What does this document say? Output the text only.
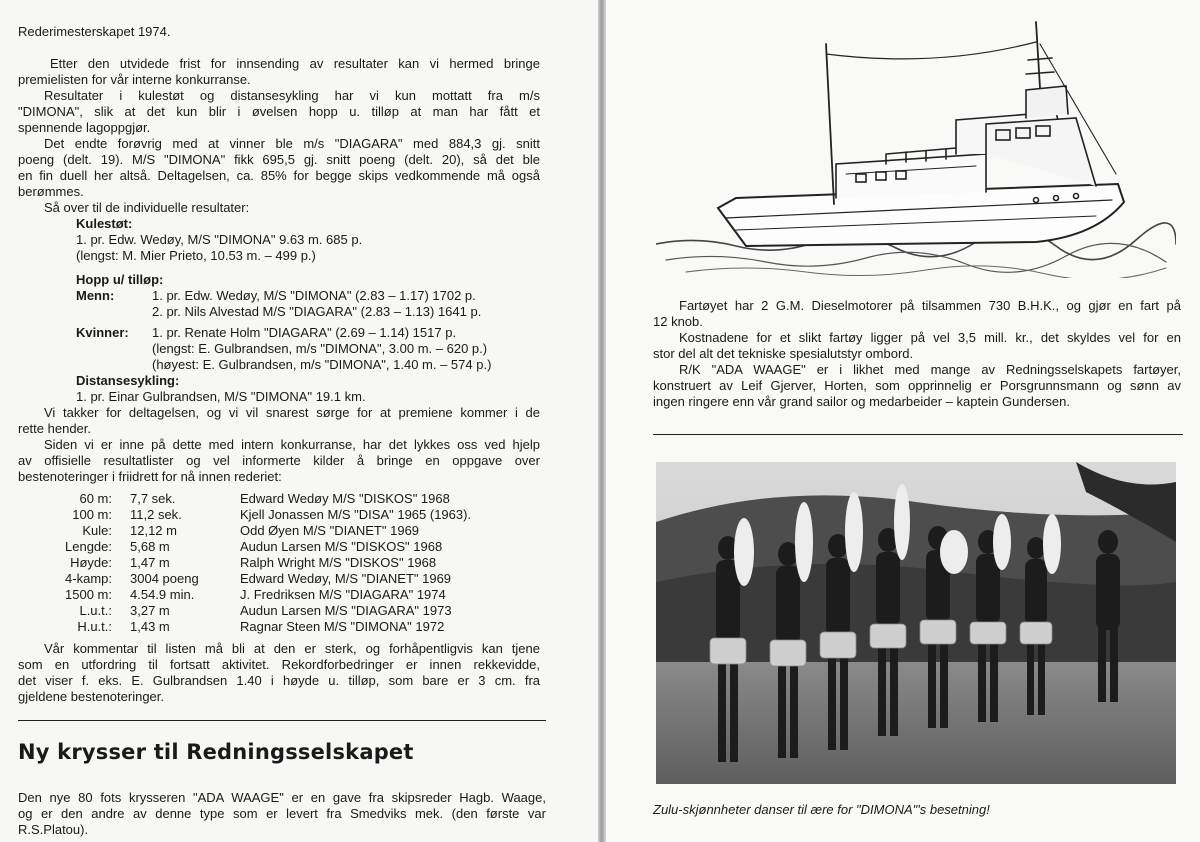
Rederimesterskapet 1974.
Etter den utvidede frist for innsending av resultater kan vi hermed bringe
premielisten for vår interne konkurranse.
Resultater i kulestøt og distansesykling har vi kun mottatt fra m/s
"DIMONA", slik at det kun blir i øvelsen hopp u. tilløp at man har fått et
spennende lagoppgjør.
Det endte forøvrig med at vinner ble m/s "DIAGARA" med 884,3 gj. snitt
poeng (delt. 19). M/S "DIMONA" fikk 695,5 gj. snitt poeng (delt. 20), så det ble
en fin duell her altså. Deltagelsen, ca. 85% for begge skips vedkommende må også
berømmes.
Så over til de individuelle resultater:
Kulestøt:
1. pr. Edw. Wedøy, M/S "DIMONA" 9.63 m. 685 p.
(lengst: M. Mier Prieto, 10.53 m. – 499 p.)
Hopp u/ tilløp:
Menn:	1. pr. Edw. Wedøy, M/S "DIMONA" (2.83 – 1.17) 1702 p.
2. pr. Nils Alvestad M/S "DIAGARA" (2.83 – 1.13) 1641 p.
Kvinner:	1. pr. Renate Holm "DIAGARA" (2.69 – 1.14) 1517 p.
(lengst: E. Gulbrandsen, m/s "DIMONA", 3.00 m. – 620 p.)
(høyest: E. Gulbrandsen, m/s "DIMONA", 1.40 m. – 574 p.)
Distansesykling:
1. pr. Einar Gulbrandsen, M/S "DIMONA" 19.1 km.
Vi takker for deltagelsen, og vi vil snarest sørge for at premiene kommer i de
rette hender.
Siden vi er inne på dette med intern konkurranse, har det lykkes oss ved hjelp
av offisielle resultatlister og vel informerte kilder å bringe en oppgave over
bestenoteringer i friidrett for nå innen rederiet:
60 m:	7,7 sek.	Edward Wedøy M/S "DISKOS" 1968
100 m:	11,2 sek.	Kjell Jonassen M/S "DISA" 1965 (1963).
Kule:	12,12 m	Odd Øyen M/S "DIANET" 1969
Lengde:	5,68 m	Audun Larsen M/S "DISKOS" 1968
Høyde:	1,47 m	Ralph Wright M/S "DISKOS" 1968
4-kamp:	3004 poeng	Edward Wedøy, M/S "DIANET" 1969
1500 m:	4.54.9 min.	J. Fredriksen M/S "DIAGARA" 1974
L.u.t.:	3,27 m	Audun Larsen M/S "DIAGARA" 1973
H.u.t.:	1,43 m	Ragnar Steen M/S "DIMONA" 1972
Vår kommentar til listen må bli at den er sterk, og forhåpentligvis kan tjene
som en utfordring til fortsatt aktivitet. Rekordforbedringer er innen rekkevidde,
det viser f. eks. E. Gulbrandsen 1.40 i høyde u. tilløp, som bare er 3 cm. fra
gjeldene bestenoteringer.
Ny krysser til Redningsselskapet
Den nye 80 fots krysseren "ADA WAAGE" er en gave fra skipsreder Hagb. Waage,
og er den andre av denne type som er levert fra Smedviks mek. (den første var
R.S.Platou).
Fartøyet har 2 G.M. Dieselmotorer på tilsammen 730 B.H.K., og gjør en fart på
12 knob.
Kostnadene for et slikt fartøy ligger på vel 3,5 mill. kr., det skyldes vel for en
stor del alt det tekniske spesialutstyr ombord.
R/K "ADA WAAGE" er i likhet med mange av Redningsselskapets fartøyer,
konstruert av Leif Gjerver, Horten, som opprinnelig er Porsgrunnsmann og sønn av
ingen ringere enn vår grand sailor og medarbeider – kaptein Gundersen.
Zulu-skjønnheter danser til ære for "DIMONA"'s besetning!
